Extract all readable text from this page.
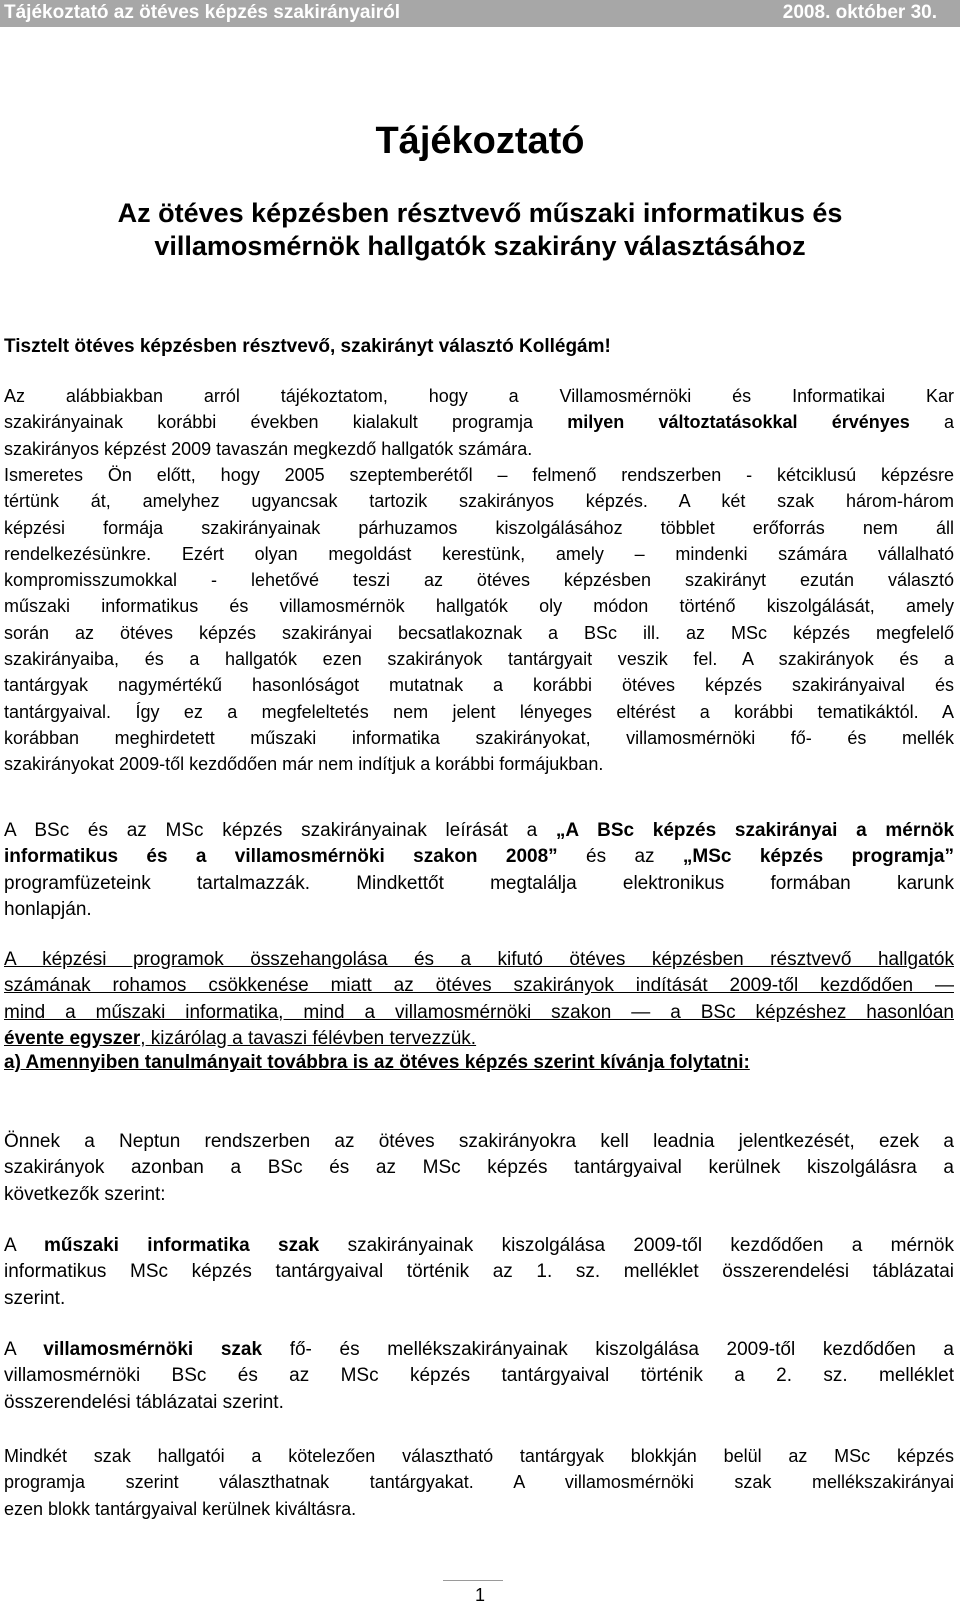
Tájékoztató az ötéves képzés szakirányairól	2008. október 30.
Tájékoztató
Az ötéves képzésben résztvevő műszaki informatikus és
villamosmérnök hallgatók szakirány választásához
Tisztelt ötéves képzésben résztvevő, szakirányt választó Kollégám!
Az alábbiakban arról tájékoztatom, hogy a Villamosmérnöki és Informatikai Kar
szakirányainak korábbi években kialakult programja milyen változtatásokkal érvényes a
szakirányos képzést 2009 tavaszán megkezdő hallgatók számára.
Ismeretes Ön előtt, hogy 2005 szeptemberétől – felmenő rendszerben - kétciklusú képzésre
tértünk át, amelyhez ugyancsak tartozik szakirányos képzés. A két szak három-három
képzési formája szakirányainak párhuzamos kiszolgálásához többlet erőforrás nem áll
rendelkezésünkre. Ezért olyan megoldást kerestünk, amely – mindenki számára vállalható
kompromisszumokkal - lehetővé teszi az ötéves képzésben szakirányt ezután választó
műszaki informatikus és villamosmérnök hallgatók oly módon történő kiszolgálását, amely
során az ötéves képzés szakirányai becsatlakoznak a BSc ill. az MSc képzés megfelelő
szakirányaiba, és a hallgatók ezen szakirányok tantárgyait veszik fel. A szakirányok és a
tantárgyak nagymértékű hasonlóságot mutatnak a korábbi ötéves képzés szakirányaival és
tantárgyaival. Így ez a megfeleltetés nem jelent lényeges eltérést a korábbi tematikáktól. A
korábban meghirdetett műszaki informatika szakirányokat, villamosmérnöki fő- és mellék
szakirányokat 2009-től kezdődően már nem indítjuk a korábbi formájukban.
A BSc és az MSc képzés szakirányainak leírását a „A BSc képzés szakirányai a mérnök
informatikus és a villamosmérnöki szakon 2008” és az „MSc képzés programja”
programfüzeteink tartalmazzák. Mindkettőt megtalálja elektronikus formában karunk
honlapján.
A képzési programok összehangolása és a kifutó ötéves képzésben résztvevő hallgatók
számának rohamos csökkenése miatt az ötéves szakirányok indítását 2009-től kezdődően —
mind a műszaki informatika, mind a villamosmérnöki szakon — a BSc képzéshez hasonlóan
évente egyszer, kizárólag a tavaszi félévben tervezzük.
a) Amennyiben tanulmányait továbbra is az ötéves képzés szerint kívánja folytatni:
Önnek a Neptun rendszerben az ötéves szakirányokra kell leadnia jelentkezését, ezek a
szakirányok azonban a BSc és az MSc képzés tantárgyaival kerülnek kiszolgálásra a
következők szerint:
A műszaki informatika szak szakirányainak kiszolgálása 2009-től kezdődően a mérnök
informatikus MSc képzés tantárgyaival történik az 1. sz. melléklet összerendelési táblázatai
szerint.
A villamosmérnöki szak fő- és mellékszakirányainak kiszolgálása 2009-től kezdődően a
villamosmérnöki BSc és az MSc képzés tantárgyaival történik a 2. sz. melléklet
összerendelési táblázatai szerint.
Mindkét szak hallgatói a kötelezően választható tantárgyak blokkján belül az MSc képzés
programja szerint választhatnak tantárgyakat. A villamosmérnöki szak mellékszakirányai
ezen blokk tantárgyaival kerülnek kiváltásra.
1
